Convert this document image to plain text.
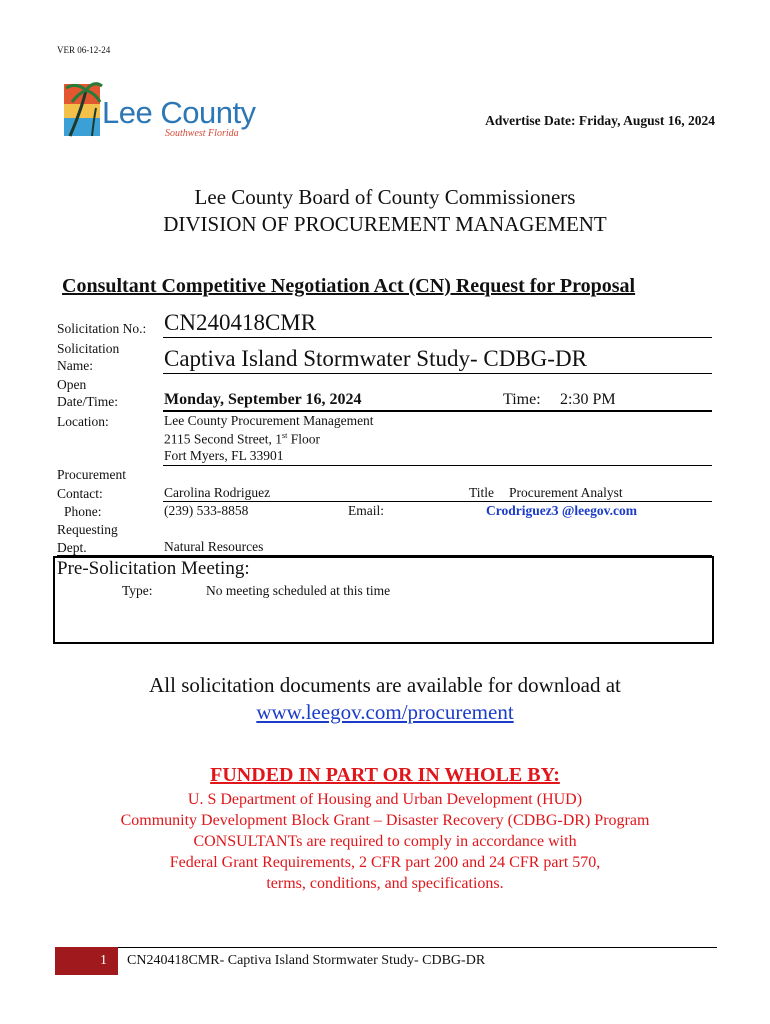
VER 06-12-24
Lee County
Southwest Florida
Advertise Date: Friday, August 16, 2024
Lee County Board of County Commissioners
DIVISION OF PROCUREMENT MANAGEMENT
Consultant Competitive Negotiation Act (CN) Request for Proposal
Solicitation No.: CN240418CMR
Solicitation
Name:	Captiva Island Stormwater Study- CDBG-DR
Open
Date/Time:	Monday, September 16, 2024	Time: 2:30 PM
Location:	Lee County Procurement Management
2115 Second Street, 1st Floor
Fort Myers, FL 33901
Procurement
Contact:	Carolina Rodriguez	Title Procurement Analyst
Phone:	(239) 533-8858	Email:	Crodriguez3 @leegov.com
Requesting
Dept.	Natural Resources
Pre-Solicitation Meeting:
Type:	No meeting scheduled at this time
All solicitation documents are available for download at
www.leegov.com/procurement
FUNDED IN PART OR IN WHOLE BY:
U. S Department of Housing and Urban Development (HUD)
Community Development Block Grant – Disaster Recovery (CDBG-DR) Program
CONSULTANTs are required to comply in accordance with
Federal Grant Requirements, 2 CFR part 200 and 24 CFR part 570,
terms, conditions, and specifications.
1 CN240418CMR- Captiva Island Stormwater Study- CDBG-DR
